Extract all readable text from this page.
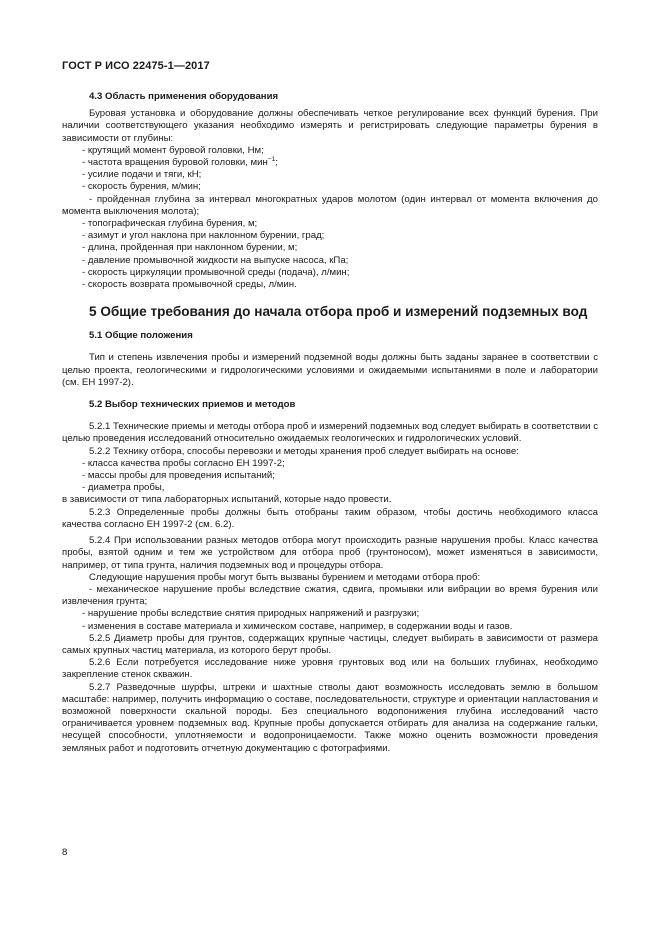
ГОСТ Р ИСО 22475-1—2017

4.3 Область применения оборудования

Буровая установка и оборудование должны обеспечивать четкое регулирование всех функций бурения. При наличии соответствующего указания необходимо измерять и регистрировать следующие параметры бурения в зависимости от глубины:

- крутящий момент буровой головки, Нм;

- частота вращения буровой головки, мин$^{-1}$;

- усилие подачи и тяги, кН;

- скорость бурения, м/мин;

- пройденная глубина за интервал многократных ударов молотом (один интервал от момента включения до момента выключения молота);

- топографическая глубина бурения, м;

- азимут и угол наклона при наклонном бурении, град;

- длина, пройденная при наклонном бурении, м;

- давление промывочной жидкости на выпуске насоса, кПа;

- скорость циркуляции промывочной среды (подача), л/мин;

- скорость возврата промывочной среды, л/мин.

5 Общие требования до начала отбора проб и измерений подземных вод

5.1 Общие положения

Тип и степень извлечения пробы и измерений подземной воды должны быть заданы заранее в соответствии с целью проекта, геологическими и гидрологическими условиями и ожидаемыми испытаниями в поле и лаборатории (см. ЕН 1997-2).

5.2 Выбор технических приемов и методов

5.2.1 Технические приемы и методы отбора проб и измерений подземных вод следует выбирать в соответствии с целью проведения исследований относительно ожидаемых геологических и гидрологических условий.

5.2.2 Технику отбора, способы перевозки и методы хранения проб следует выбирать на основе:

- класса качества пробы согласно ЕН 1997-2;

- массы пробы для проведения испытаний;

- диаметра пробы,

в зависимости от типа лабораторных испытаний, которые надо провести.

5.2.3 Определенные пробы должны быть отобраны таким образом, чтобы достичь необходимого класса качества согласно ЕН 1997-2 (см. 6.2).

5.2.4 При использовании разных методов отбора могут происходить разные нарушения пробы. Класс качества пробы, взятой одним и тем же устройством для отбора проб (грунтоносом), может изменяться в зависимости, например, от типа грунта, наличия подземных вод и процедуры отбора.

Следующие нарушения пробы могут быть вызваны бурением и методами отбора проб:

- механическое нарушение пробы вследствие сжатия, сдвига, промывки или вибрации во время бурения или извлечения грунта;

- нарушение пробы вследствие снятия природных напряжений и разгрузки;

- изменения в составе материала и химическом составе, например, в содержании воды и газов.

5.2.5 Диаметр пробы для грунтов, содержащих крупные частицы, следует выбирать в зависимости от размера самых крупных частиц материала, из которого берут пробы.

5.2.6 Если потребуется исследование ниже уровня грунтовых вод или на больших глубинах, необходимо закрепление стенок скважин.

5.2.7 Разведочные шурфы, штреки и шахтные стволы дают возможность исследовать землю в большом масштабе: например, получить информацию о составе, последовательности, структуре и ориентации напластования и возможной поверхности скальной породы. Без специального водопонижения глубина исследований часто ограничивается уровнем подземных вод. Крупные пробы допускается отбирать для анализа на содержание гальки, несущей способности, уплотняемости и водопроницаемости. Также можно оценить возможности проведения земляных работ и подготовить отчетную документацию с фотографиями.

8
